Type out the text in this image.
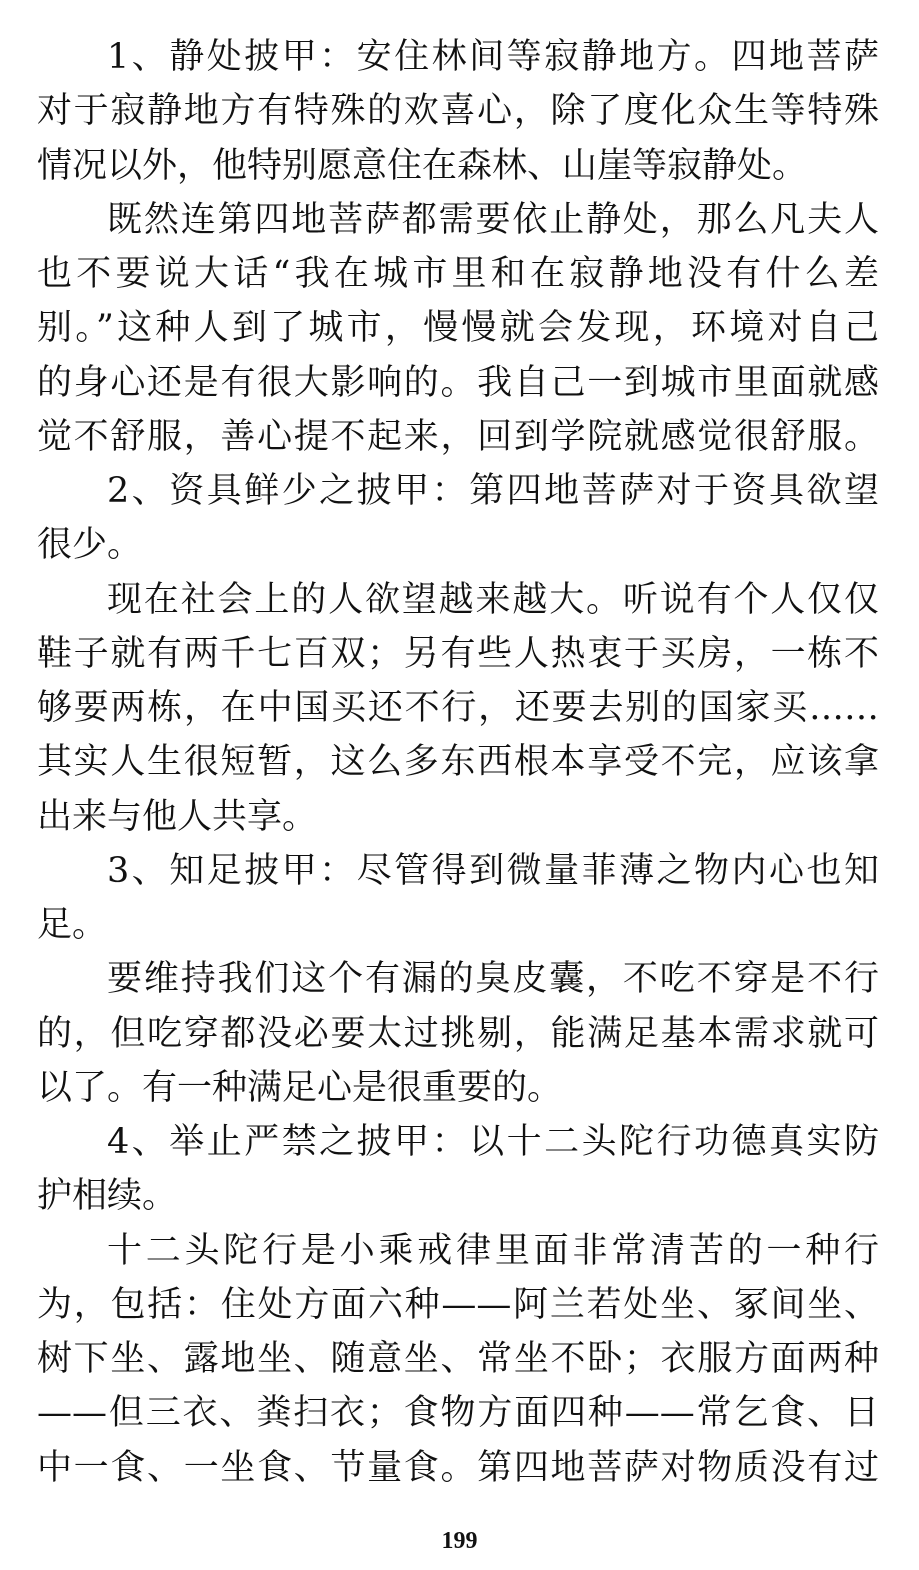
1、静处披甲：安住林间等寂静地方。四地菩萨
对于寂静地方有特殊的欢喜心，除了度化众生等特殊
情况以外，他特别愿意住在森林、山崖等寂静处。
既然连第四地菩萨都需要依止静处，那么凡夫人
也不要说大话“我在城市里和在寂静地没有什么差
别。”这种人到了城市，慢慢就会发现，环境对自己
的身心还是有很大影响的。我自己一到城市里面就感
觉不舒服，善心提不起来，回到学院就感觉很舒服。
2、资具鲜少之披甲：第四地菩萨对于资具欲望
很少。
现在社会上的人欲望越来越大。听说有个人仅仅
鞋子就有两千七百双；另有些人热衷于买房，一栋不
够要两栋，在中国买还不行，还要去别的国家买……
其实人生很短暂，这么多东西根本享受不完，应该拿
出来与他人共享。
3、知足披甲：尽管得到微量菲薄之物内心也知
足。
要维持我们这个有漏的臭皮囊，不吃不穿是不行
的，但吃穿都没必要太过挑剔，能满足基本需求就可
以了。有一种满足心是很重要的。
4、举止严禁之披甲：以十二头陀行功德真实防
护相续。
十二头陀行是小乘戒律里面非常清苦的一种行
为，包括：住处方面六种——阿兰若处坐、冢间坐、
树下坐、露地坐、随意坐、常坐不卧；衣服方面两种
——但三衣、粪扫衣；食物方面四种——常乞食、日
中一食、一坐食、节量食。第四地菩萨对物质没有过
199
